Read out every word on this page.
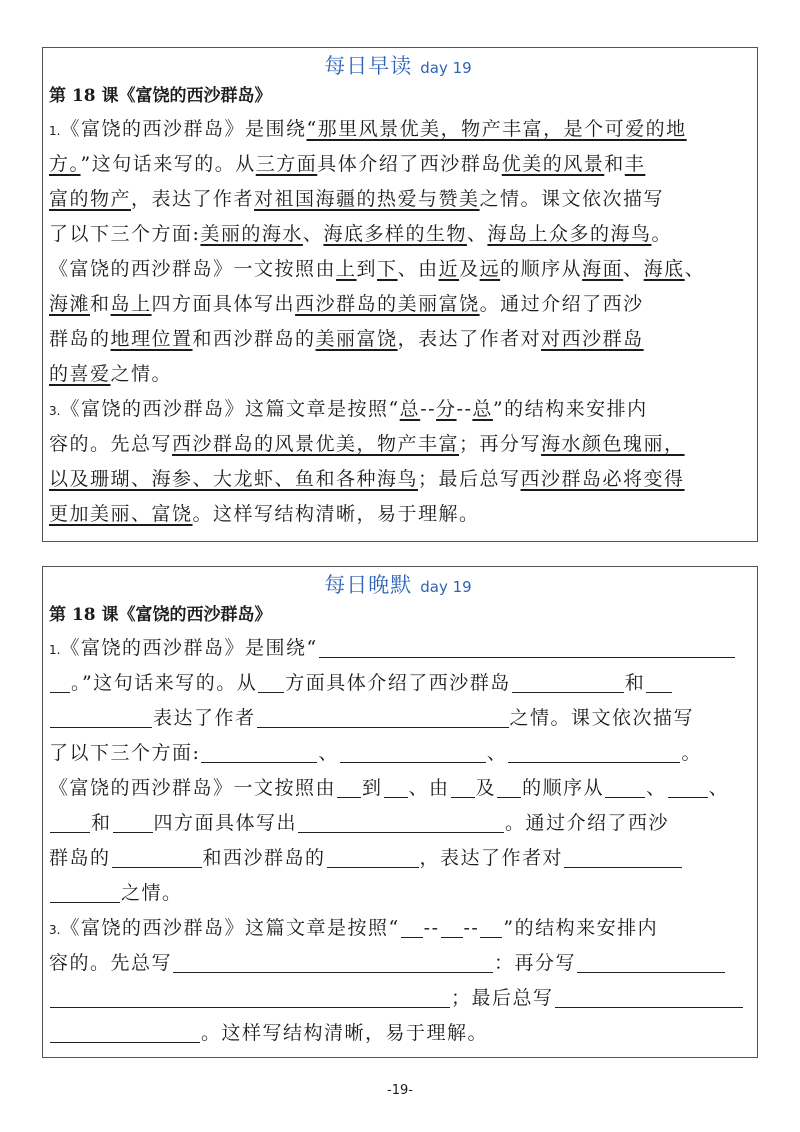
每日早读 day 19
第 18 课《富饶的西沙群岛》
1.《富饶的西沙群岛》是围绕“那里风景优美，物产丰富，是个可爱的地
方。”这句话来写的。从三方面具体介绍了西沙群岛优美的风景和丰
富的物产，表达了作者对祖国海疆的热爱与赞美之情。课文依次描写
了以下三个方面:美丽的海水、海底多样的生物、海岛上众多的海鸟。
《富饶的西沙群岛》一文按照由上到下、由近及远的顺序从海面、海底、
海滩和岛上四方面具体写出西沙群岛的美丽富饶。通过介绍了西沙
群岛的地理位置和西沙群岛的美丽富饶，表达了作者对对西沙群岛
的喜爱之情。
3.《富饶的西沙群岛》这篇文章是按照“总--分--总”的结构来安排内
容的。先总写西沙群岛的风景优美，物产丰富；再分写海水颜色瑰丽，
以及珊瑚、海参、大龙虾、鱼和各种海鸟；最后总写西沙群岛必将变得
更加美丽、富饶。这样写结构清晰，易于理解。
每日晚默 day 19
第 18 课《富饶的西沙群岛》
1.《富饶的西沙群岛》是围绕“
。”这句话来写的。从 方面具体介绍了西沙群岛	和
表达了作者	之情。课文依次描写
了以下三个方面:	、	、	。
《富饶的西沙群岛》一文按照由 到 、由 及 的顺序从 、 、
和 四方面具体写出	。通过介绍了西沙
群岛的	和西沙群岛的	，表达了作者对
之情。
3.《富饶的西沙群岛》这篇文章是按照“ -- -- ”的结构来安排内
容的。先总写	：再分写
；最后总写
。这样写结构清晰，易于理解。
-19-
